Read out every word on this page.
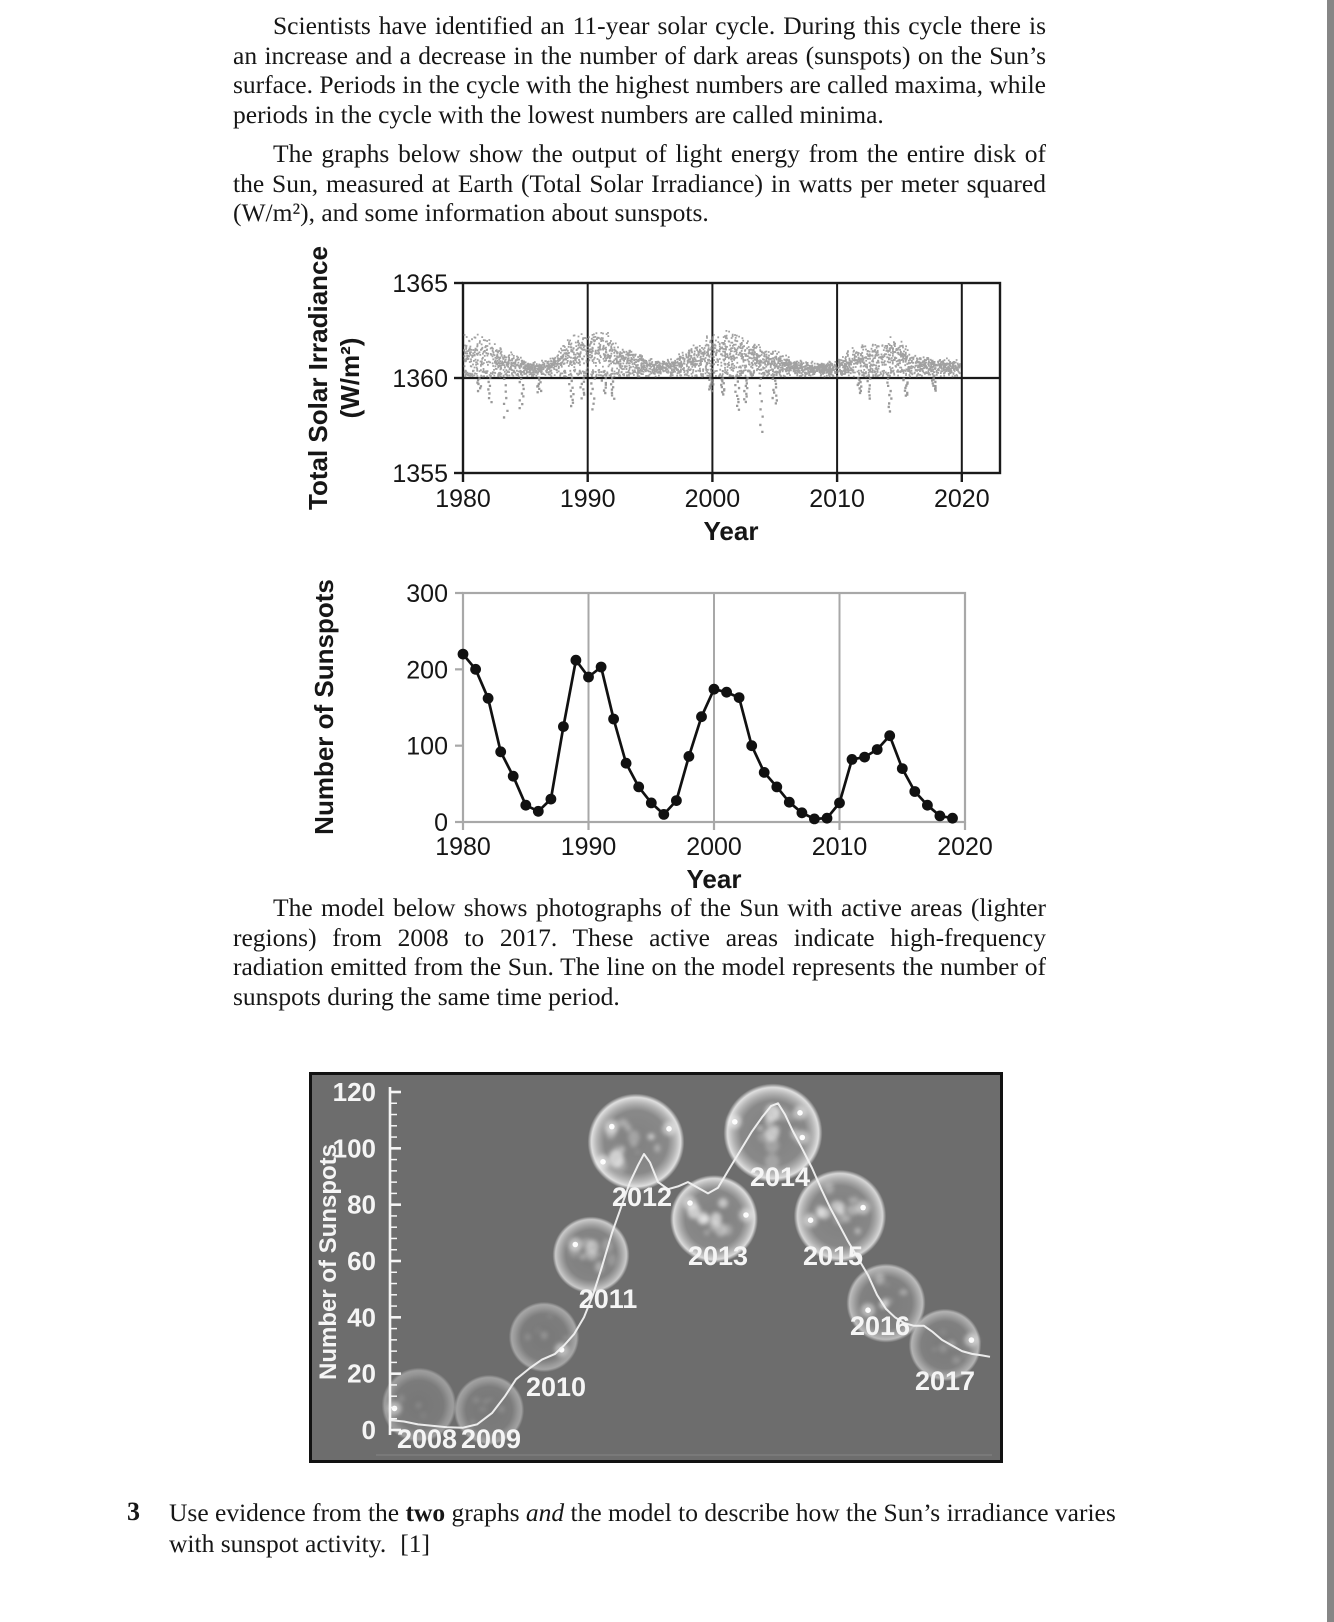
Scientists have identified an 11-year solar cycle. During this cycle there is an increase and a decrease in the number of dark areas (sunspots) on the Sun’s surface. Periods in the cycle with the highest numbers are called maxima, while periods in the cycle with the lowest numbers are called minima.

The graphs below show the output of light energy from the entire disk of the Sun, measured at Earth (Total Solar Irradiance) in watts per meter squared (W/m²), and some information about sunspots.

1355
1360
1365
1980	1990	2000	2010	2020
Year
Total Solar Irradiance (W/m²)
0
100
200
300
1980	1990	2000	2010	2020
Year
Number of Sunspots

The model below shows photographs of the Sun with active areas (lighter regions) from 2008 to 2017. These active areas indicate high-frequency radiation emitted from the Sun. The line on the model represents the number of sunspots during the same time period.

0
20
40
60
80
100
120
Number of Sunspots
2008 2009
2010
2011
2012
2013
2014
2015
2016
2017
3 Use evidence from the two graphs and the model to describe how the Sun’s irradiance varies with sunspot activity. [1]
